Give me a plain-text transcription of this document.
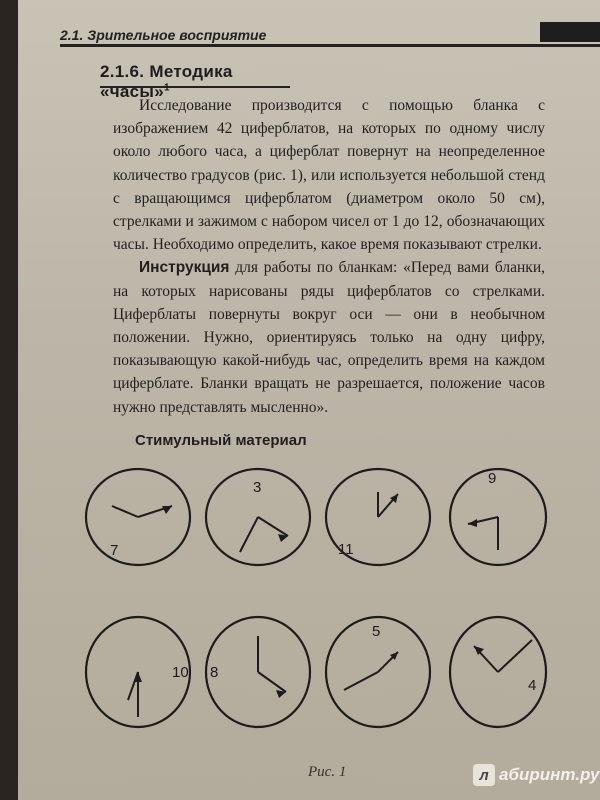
2.1. Зрительное восприятие
2.1.6. Методика «часы»$^1$

Исследование производится с помощью бланка с изображением 42 циферблатов, на которых по одному числу около любого часа, а циферблат повернут на неопределенное количество градусов (рис. 1), или используется небольшой стенд с вращающимся циферблатом (диаметром около 50 см), стрелками и зажимом с набором чисел от 1 до 12, обозначающих часы. Необходимо определить, какое время показывают стрелки.

Инструкция для работы по бланкам: «Перед вами бланки, на которых нарисованы ряды циферблатов со стрелками. Циферблаты повернуты вокруг оси — они в необычном положении. Нужно, ориентируясь только на одну цифру, показывающую какой-нибудь час, определить время на каждом циферблате. Бланки вращать не разрешается, положение часов нужно представлять мысленно».

Стимульный материал
7
3
11
9
10 8
5
4
Рис. 1	л абиринт.ру
